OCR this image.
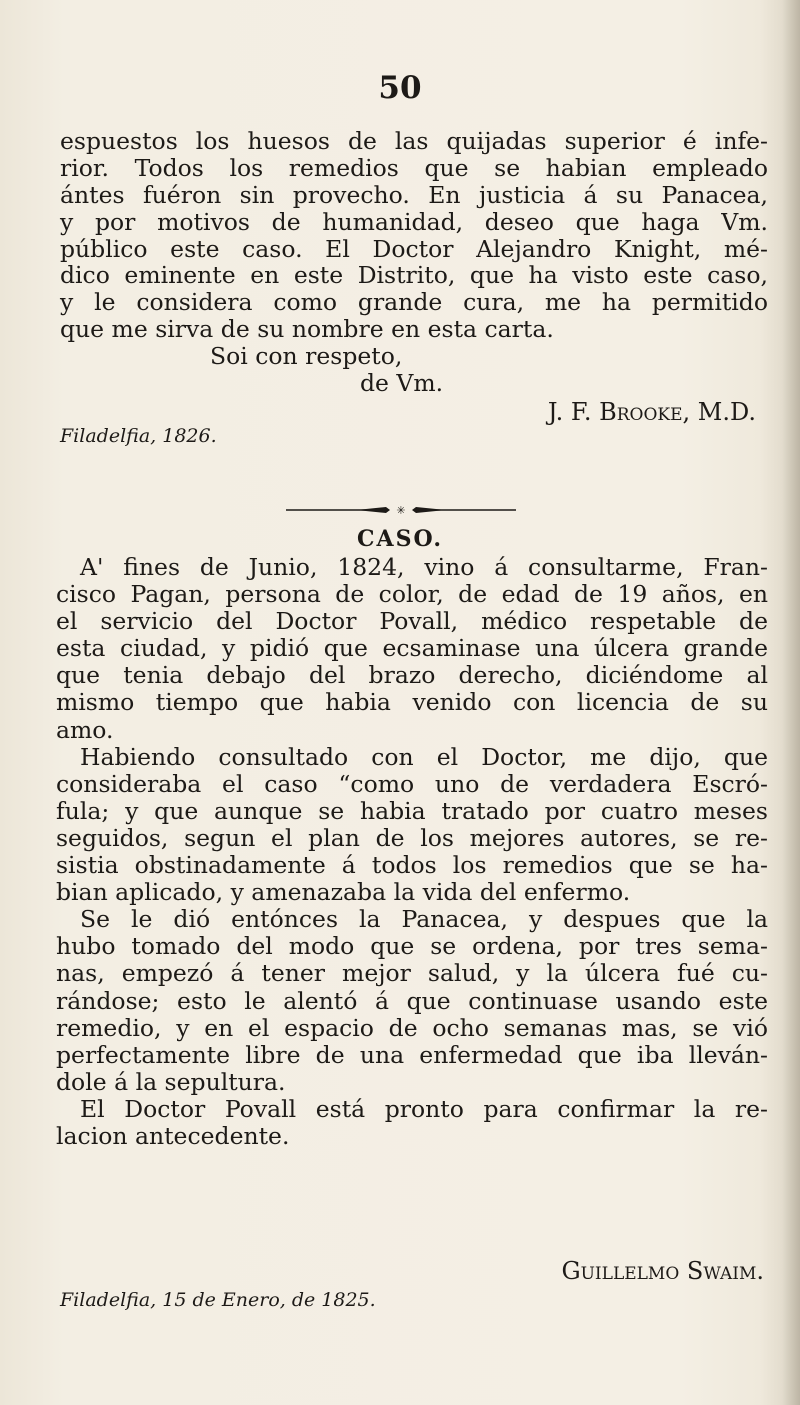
50
espuestos los huesos de las quijadas superior é infe-
rior. Todos los remedios que se habian empleado
ántes fuéron sin provecho. En justicia á su Panacea,
y por motivos de humanidad, deseo que haga Vm.
público este caso. El Doctor Alejandro Knight, mé-
dico eminente en este Distrito, que ha visto este caso,
y le considera como grande cura, me ha permitido
que me sirva de su nombre en esta carta.
Soi con respeto,
de Vm.
J. F. Brooke, M.D.
Filadelfia, 1826.
✳
CASO.
A' fines de Junio, 1824, vino á consultarme, Fran-
cisco Pagan, persona de color, de edad de 19 años, en
el servicio del Doctor Povall, médico respetable de
esta ciudad, y pidió que ecsaminase una úlcera grande
que tenia debajo del brazo derecho, diciéndome al
mismo tiempo que habia venido con licencia de su
amo.
Habiendo consultado con el Doctor, me dijo, que
consideraba el caso “como uno de verdadera Escró-
fula; y que aunque se habia tratado por cuatro meses
seguidos, segun el plan de los mejores autores, se re-
sistia obstinadamente á todos los remedios que se ha-
bian aplicado, y amenazaba la vida del enfermo.
Se le dió entónces la Panacea, y despues que la
hubo tomado del modo que se ordena, por tres sema-
nas, empezó á tener mejor salud, y la úlcera fué cu-
rándose; esto le alentó á que continuase usando este
remedio, y en el espacio de ocho semanas mas, se vió
perfectamente libre de una enfermedad que iba lleván-
dole á la sepultura.
El Doctor Povall está pronto para confirmar la re-
lacion antecedente.
Guillelmo Swaim.
Filadelfia, 15 de Enero, de 1825.
